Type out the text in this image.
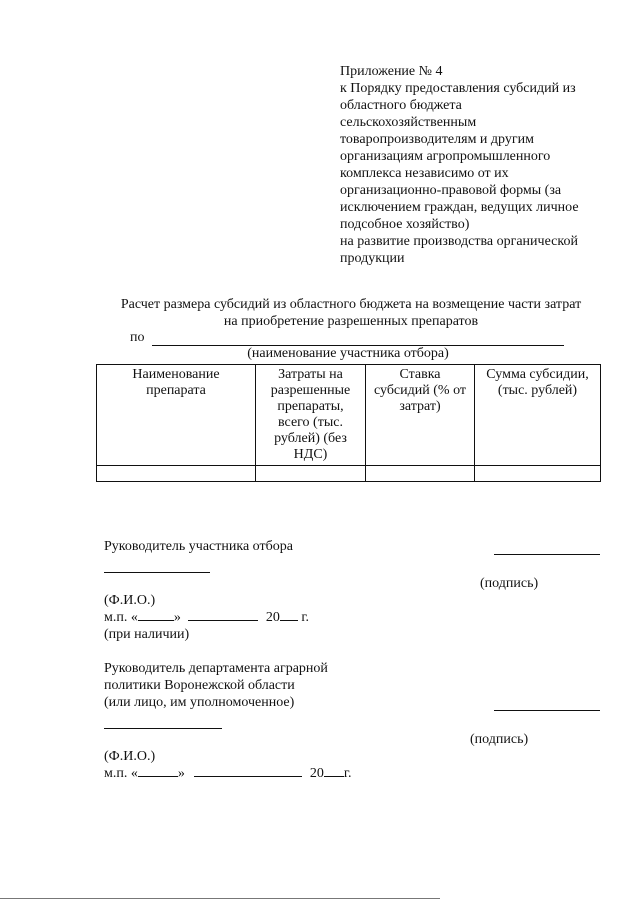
Приложение № 4
к Порядку предоставления субсидий из
областного бюджета
сельскохозяйственным
товаропроизводителям и другим
организациям агропромышленного
комплекса независимо от их
организационно-правовой формы (за
исключением граждан, ведущих личное
подсобное хозяйство)
на развитие производства органической
продукции
Расчет размера субсидий из областного бюджета на возмещение части затрат
на приобретение разрешенных препаратов
по
(наименование участника отбора)
Наименование препарата	Затраты на разрешенные препараты, всего (тыс. рублей) (без НДС)	Ставка субсидий (% от затрат)	Сумма субсидии, (тыс. рублей)

Руководитель участника отбора
(подпись)
(Ф.И.О.)
м.п. «	»	20 г.
(при наличии)
Руководитель департамента аграрной
политики Воронежской области
(или лицо, им уполномоченное)
(подпись)
(Ф.И.О.)
м.п. «	»	20 г.
